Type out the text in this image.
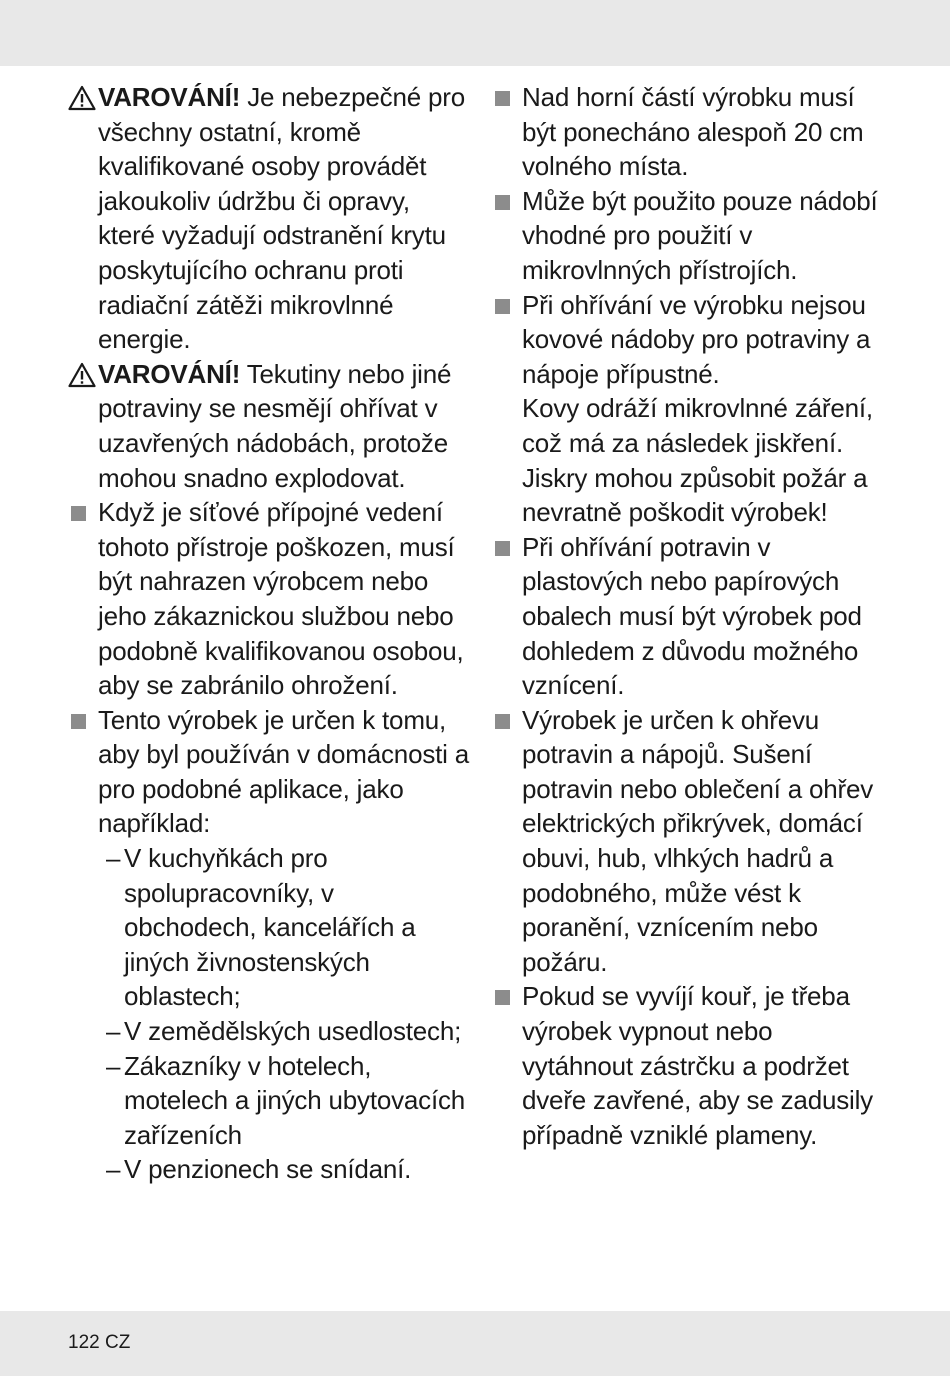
VAROVÁNÍ! Je nebezpečné pro všechny ostatní, kromě kvalifikované osoby provádět jakoukoliv údržbu či opravy, které vyžadují odstranění krytu poskytujícího ochranu proti radiační zátěži mikrovlnné energie.

VAROVÁNÍ! Tekutiny nebo jiné potraviny se nesmějí ohřívat v uzavřených nádobách, protože mohou snadno explodovat.

Když je síťové přípojné vedení tohoto přístroje poškozen, musí být nahrazen výrobcem nebo jeho zákaznickou službou nebo podobně kvalifikovanou osobou, aby se zabránilo ohrožení.

Tento výrobek je určen k tomu, aby byl používán v domácnosti a pro podobné aplikace, jako například:

– V kuchyňkách pro spolupracovníky, v obchodech, kancelářích a jiných živnostenských oblastech;

– V zemědělských usedlostech;

– Zákazníky v hotelech, motelech a jiných ubytovacích zařízeních

– V penzionech se snídaní.

Nad horní částí výrobku musí být ponecháno alespoň 20 cm volného místa.

Může být použito pouze nádobí vhodné pro použití v mikrovlnných přístrojích.

Při ohřívání ve výrobku nejsou kovové nádoby pro potraviny a nápoje přípustné.

Kovy odráží mikrovlnné záření, což má za následek jiskření. Jiskry mohou způsobit požár a nevratně poškodit výrobek!

Při ohřívání potravin v plastových nebo papírových obalech musí být výrobek pod dohledem z důvodu možného vznícení.

Výrobek je určen k ohřevu potravin a nápojů. Sušení potravin nebo oblečení a ohřev elektrických přikrývek, domácí obuvi, hub, vlhkých hadrů a podobného, může vést k poranění, vznícením nebo požáru.

Pokud se vyvíjí kouř, je třeba výrobek vypnout nebo vytáhnout zástrčku a podržet dveře zavřené, aby se zadusily případně vzniklé plameny.

122 CZ
